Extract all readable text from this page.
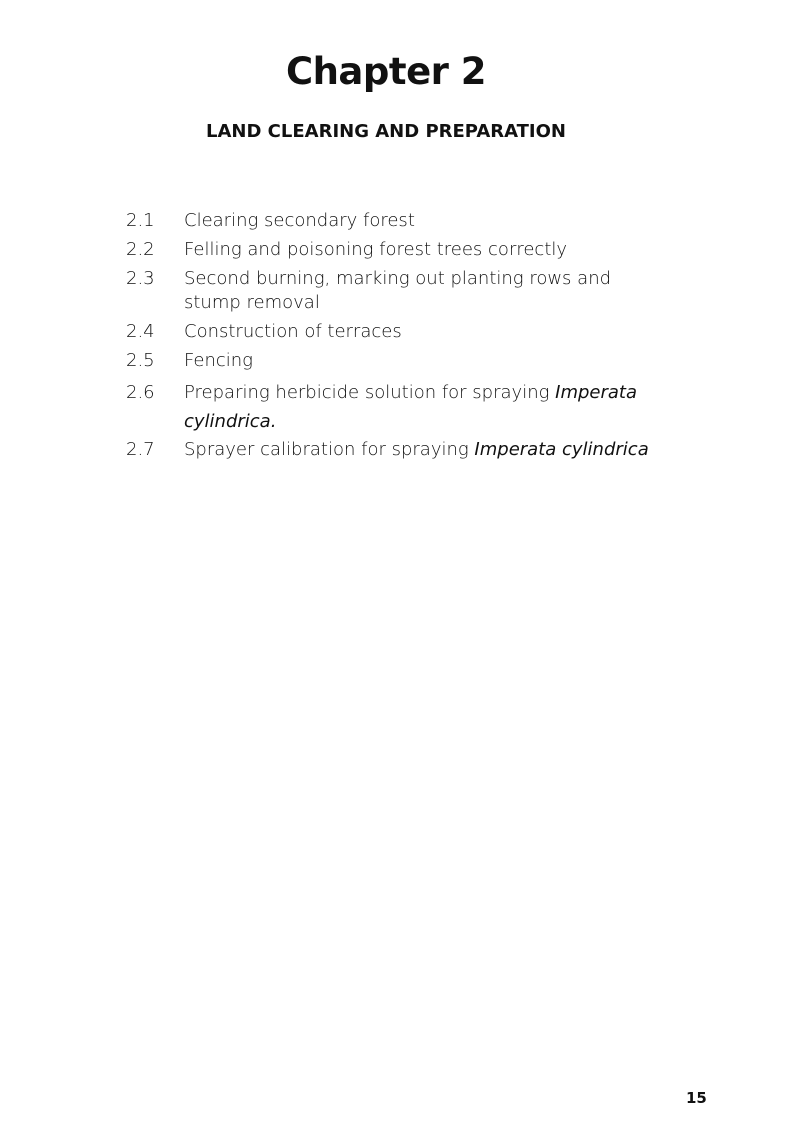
Chapter 2
LAND CLEARING AND PREPARATION
2.1	Clearing secondary forest
2.2	Felling and poisoning forest trees correctly
2.3	Second burning, marking out planting rows and stump removal
2.4	Construction of terraces
2.5	Fencing
2.6	Preparing herbicide solution for spraying Imperata cylindrica.
2.7	Sprayer calibration for spraying Imperata cylindrica
15
